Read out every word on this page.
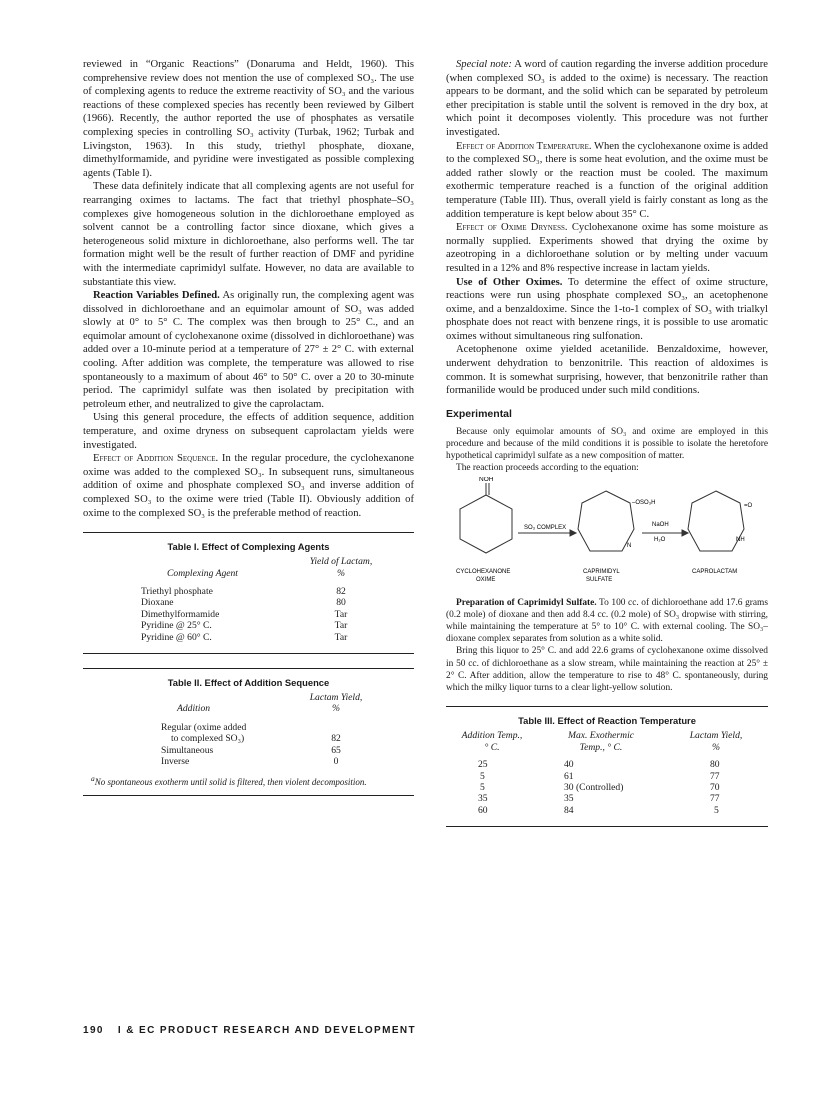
reviewed in “Organic Reactions” (Donaruma and Heldt, 1960). This comprehensive review does not mention the use of complexed SO₃. The use of complexing agents to reduce the extreme reactivity of SO₃ and the various reactions of these complexed species has recently been reviewed by Gilbert (1966). Recently, the author reported the use of phosphates as versatile complexing species in controlling SO₃ activity (Turbak, 1962; Turbak and Livingston, 1963). In this study, triethyl phosphate, dioxane, dimethylformamide, and pyridine were investigated as possible complexing agents (Table I).

These data definitely indicate that all complexing agents are not useful for rearranging oximes to lactams. The fact that triethyl phosphate–SO₃ complexes give homogeneous solution in the dichloroethane employed as solvent cannot be a controlling factor since dioxane, which gives a heterogeneous solid mixture in dichloroethane, also performs well. The tar formation might well be the result of further reaction of DMF and pyridine with the intermediate caprimidyl sulfate. However, no data are available to substantiate this view.

Reaction Variables Defined. As originally run, the complexing agent was dissolved in dichloroethane and an equimolar amount of SO₃ was added slowly at 0° to 5° C. The complex was then brough to 25° C., and an equimolar amount of cyclohexanone oxime (dissolved in dichloroethane) was added over a 10-minute period at a temperature of 27° ± 2° C. with external cooling. After addition was complete, the temperature was allowed to rise spontaneously to a maximum of about 46° to 50° C. over a 20 to 30-minute period. The caprimidyl sulfate was then isolated by precipitation with petroleum ether, and neutralized to give the caprolactam.

Using this general procedure, the effects of addition sequence, addition temperature, and oxime dryness on subsequent caprolactam yields were investigated.

Effect of Addition Sequence. In the regular procedure, the cyclohexanone oxime was added to the complexed SO₃. In subsequent runs, simultaneous addition of oxime and phosphate complexed SO₃ and inverse addition of complexed SO₃ to the oxime were tried (Table II). Obviously addition of oxime to the complexed SO₃ is the preferable method of reaction.

Table I. Effect of Complexing Agents
	Yield of Lactam,
Complexing Agent	%

Triethyl phosphate	82
Dioxane	80
Dimethylformamide	Tar
Pyridine @ 25° C.	Tar
Pyridine @ 60° C.	Tar
Table II. Effect of Addition Sequence
	Lactam Yield,
Addition	%

Regular (oxime added	
to complexed SO₃)	82
Simultaneous	65
Inverse	0
$^a$No spontaneous exotherm until solid is filtered, then violent decomposition.

Special note: A word of caution regarding the inverse addition procedure (when complexed SO₃ is added to the oxime) is necessary. The reaction appears to be dormant, and the solid which can be separated by petroleum ether precipitation is stable until the solvent is removed in the dry box, at which point it decomposes violently. This procedure was not further investigated.

Effect of Addition Temperature. When the cyclohexanone oxime is added to the complexed SO₃, there is some heat evolution, and the oxime must be added rather slowly or the reaction must be cooled. The maximum exothermic temperature reached is a function of the original addition temperature (Table III). Thus, overall yield is fairly constant as long as the addition temperature is kept below about 35° C.

Effect of Oxime Dryness. Cyclohexanone oxime has some moisture as normally supplied. Experiments showed that drying the oxime by azeotroping in a dichloroethane solution or by melting under vacuum resulted in a 12% and 8% respective increase in lactam yields.

Use of Other Oximes. To determine the effect of oxime structure, reactions were run using phosphate complexed SO₃, an acetophenone oxime, and a benzaldoxime. Since the 1-to-1 complex of SO₃ with trialkyl phosphate does not react with benzene rings, it is possible to use aromatic oximes without simultaneous ring sulfonation.

Acetophenone oxime yielded acetanilide. Benzaldoxime, however, underwent dehydration to benzonitrile. This reaction of aldoximes is common. It is somewhat surprising, however, that benzonitrile rather than formanilide would be produced under such mild conditions.

Experimental

Because only equimolar amounts of SO₃ and oxime are employed in this procedure and because of the mild conditions it is possible to isolate the heretofore hypothetical caprimidyl sulfate as a new composition of matter.

The reaction proceeds according to the equation:

NOH
SO₃ COMPLEX
–OSO₃H
N
NaOH
H₂O
=O
NH
CYCLOHEXANONE
OXIME
CAPRIMIDYL
SULFATE
CAPROLACTAM

Preparation of Caprimidyl Sulfate. To 100 cc. of dichloroethane add 17.6 grams (0.2 mole) of dioxane and then add 8.4 cc. (0.2 mole) of SO₃ dropwise with stirring, while maintaining the temperature at 5° to 10° C. with external cooling. The SO₃–dioxane complex separates from solution as a white solid.

Bring this liquor to 25° C. and add 22.6 grams of cyclohexanone oxime dissolved in 50 cc. of dichloroethane as a slow stream, while maintaining the reaction at 25° ± 2° C. After addition, allow the temperature to rise to 48° C. spontaneously, during which the milky liquor turns to a clear light-yellow solution.

Table III. Effect of Reaction Temperature
Addition Temp.,	Max. Exothermic	Lactam Yield,
° C.	Temp., ° C.	%

25	40	80
5	61	77
5	30 (Controlled)	70
35	35	77
60	84	5
190 I & EC PRODUCT RESEARCH AND DEVELOPMENT
